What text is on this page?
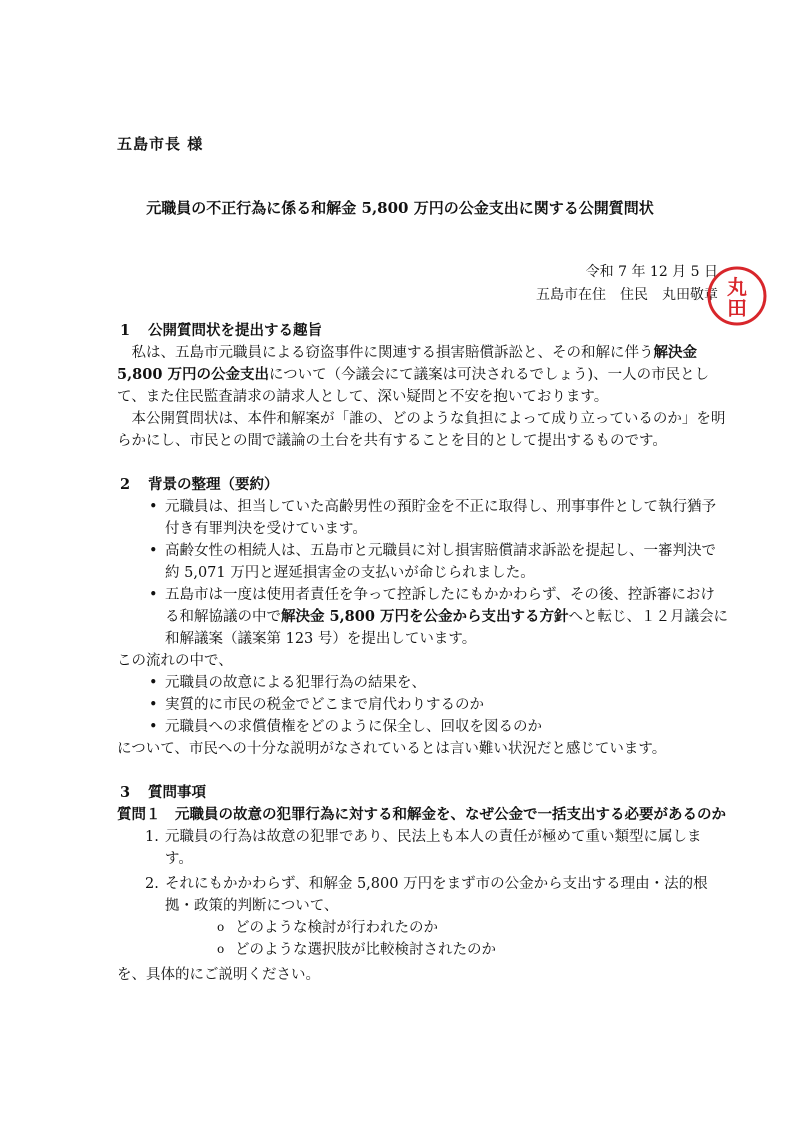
五島市長 様
元職員の不正行為に係る和解金 5,800 万円の公金支出に関する公開質問状
令和 7 年 12 月 5 日
五島市在住　住民　丸田敬章 丸
田
1 公開質問状を提出する趣旨

私は、五島市元職員による窃盗事件に関連する損害賠償訴訟と、その和解に伴う解決金 5,800 万円の公金支出について（今議会にて議案は可決されるでしょう)、一人の市民として、また住民監査請求の請求人として、深い疑問と不安を抱いております。

本公開質問状は、本件和解案が「誰の、どのような負担によって成り立っているのか」を明らかにし、市民との間で議論の土台を共有することを目的として提出するものです。

2 背景の整理（要約）
• 元職員は、担当していた高齢男性の預貯金を不正に取得し、刑事事件として執行猶予付き有罪判決を受けています。
• 高齢女性の相続人は、五島市と元職員に対し損害賠償請求訴訟を提起し、一審判決で約 5,071 万円と遅延損害金の支払いが命じられました。
• 五島市は一度は使用者責任を争って控訴したにもかかわらず、その後、控訴審における和解協議の中で解決金 5,800 万円を公金から支出する方針へと転じ、１２月議会に和解議案（議案第 123 号）を提出しています。

この流れの中で、

• 元職員の故意による犯罪行為の結果を、
• 実質的に市民の税金でどこまで肩代わりするのか
• 元職員への求償債権をどのように保全し、回収を図るのか

について、市民への十分な説明がなされているとは言い難い状況だと感じています。

3 質問事項

質問１　元職員の故意の犯罪行為に対する和解金を、なぜ公金で一括支出する必要があるのか

1. 元職員の行為は故意の犯罪であり、民法上も本人の責任が極めて重い類型に属します。
2. それにもかかわらず、和解金 5,800 万円をまず市の公金から支出する理由・法的根拠・政策的判断について、
o どのような検討が行われたのか
o どのような選択肢が比較検討されたのか

を、具体的にご説明ください。
